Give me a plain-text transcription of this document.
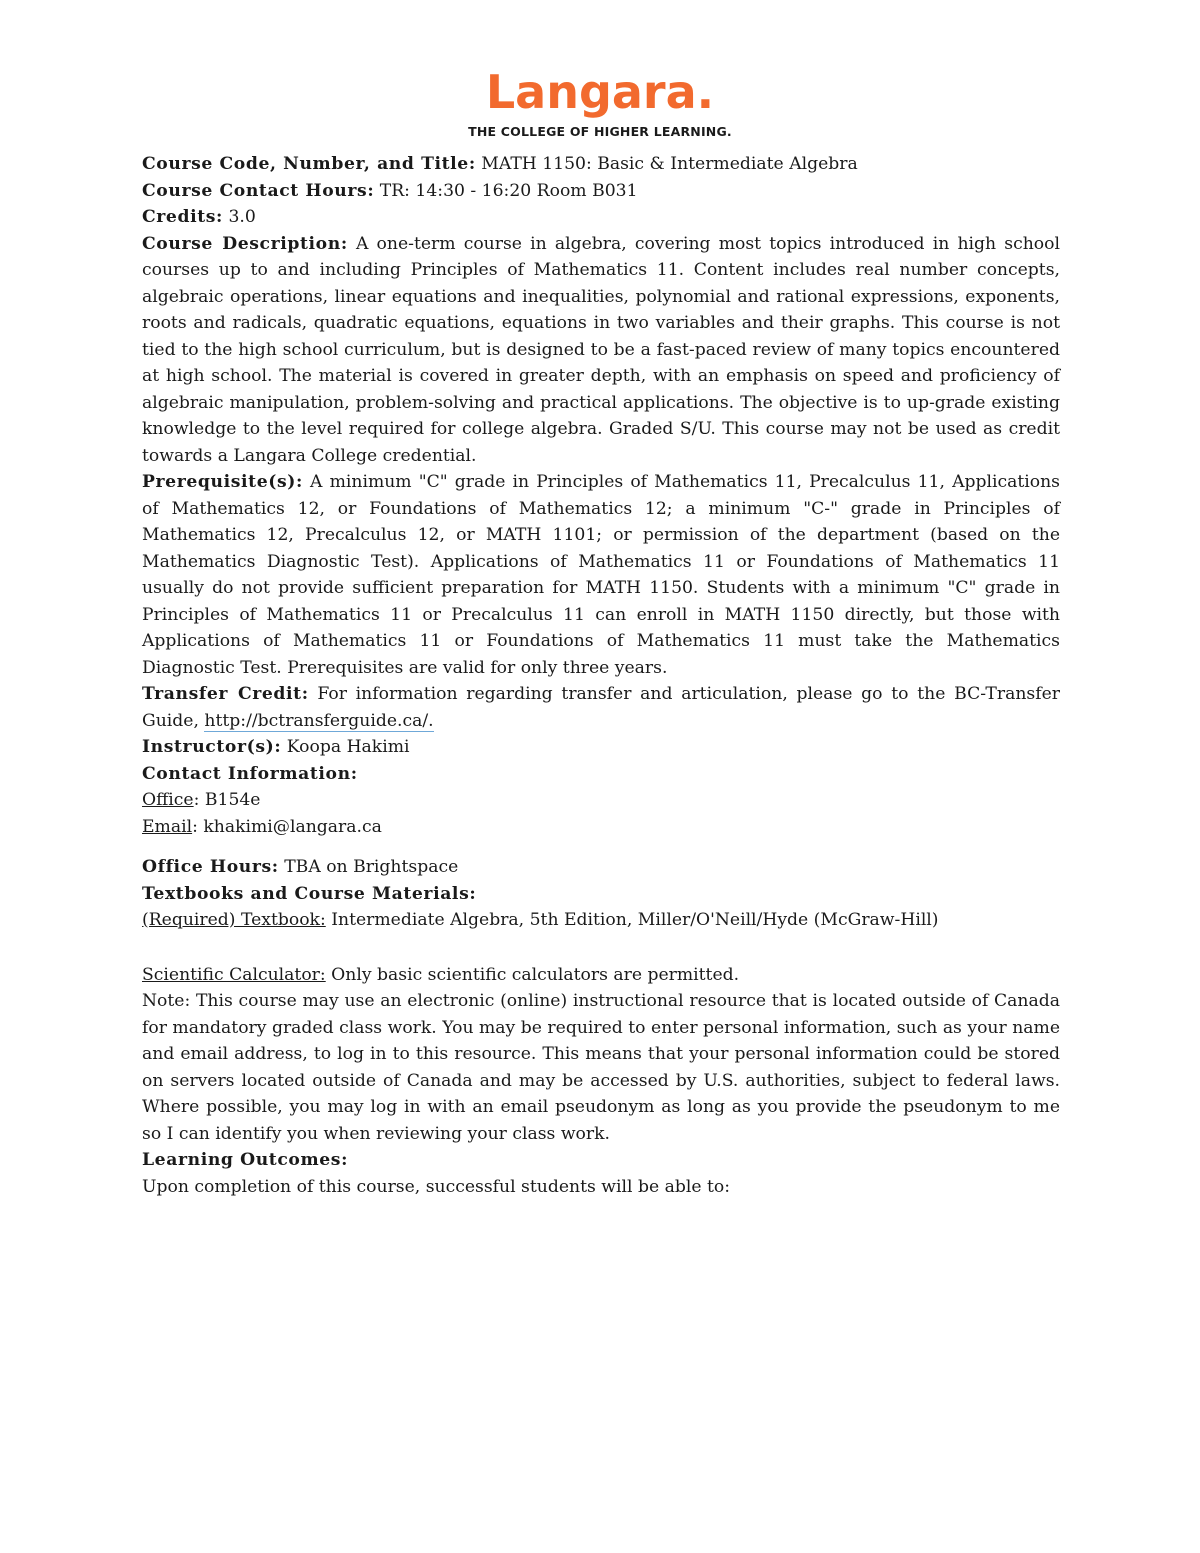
Langara.
THE COLLEGE OF HIGHER LEARNING.

Course Code, Number, and Title: MATH 1150: Basic & Intermediate Algebra

Course Contact Hours: TR: 14:30 - 16:20 Room B031

Credits: 3.0

Course Description: A one-term course in algebra, covering most topics introduced in high school courses up to and including Principles of Mathematics 11. Content includes real number concepts, algebraic operations, linear equations and inequalities, polynomial and rational expressions, exponents, roots and radicals, quadratic equations, equations in two variables and their graphs. This course is not tied to the high school curriculum, but is designed to be a fast-paced review of many topics encountered at high school. The material is covered in greater depth, with an emphasis on speed and proficiency of algebraic manipulation, problem-solving and practical applications. The objective is to up-grade existing knowledge to the level required for college algebra. Graded S/U. This course may not be used as credit towards a Langara College credential.

Prerequisite(s): A minimum "C" grade in Principles of Mathematics 11, Precalculus 11, Applications of Mathematics 12, or Foundations of Mathematics 12; a minimum "C-" grade in Principles of Mathematics 12, Precalculus 12, or MATH 1101; or permission of the department (based on the Mathematics Diagnostic Test). Applications of Mathematics 11 or Foundations of Mathematics 11 usually do not provide sufficient preparation for MATH 1150. Students with a minimum "C" grade in Principles of Mathematics 11 or Precalculus 11 can enroll in MATH 1150 directly, but those with Applications of Mathematics 11 or Foundations of Mathematics 11 must take the Mathematics Diagnostic Test. Prerequisites are valid for only three years.

Transfer Credit: For information regarding transfer and articulation, please go to the BC-Transfer Guide, http://bctransferguide.ca/.

Instructor(s): Koopa Hakimi

Contact Information:

Office: B154e

Email: khakimi@langara.ca

Office Hours: TBA on Brightspace

Textbooks and Course Materials:

(Required) Textbook: Intermediate Algebra, 5th Edition, Miller/O'Neill/Hyde (McGraw-Hill)

Scientific Calculator: Only basic scientific calculators are permitted.

Note: This course may use an electronic (online) instructional resource that is located outside of Canada for mandatory graded class work. You may be required to enter personal information, such as your name and email address, to log in to this resource. This means that your personal information could be stored on servers located outside of Canada and may be accessed by U.S. authorities, subject to federal laws. Where possible, you may log in with an email pseudonym as long as you provide the pseudonym to me so I can identify you when reviewing your class work.

Learning Outcomes:

Upon completion of this course, successful students will be able to:
